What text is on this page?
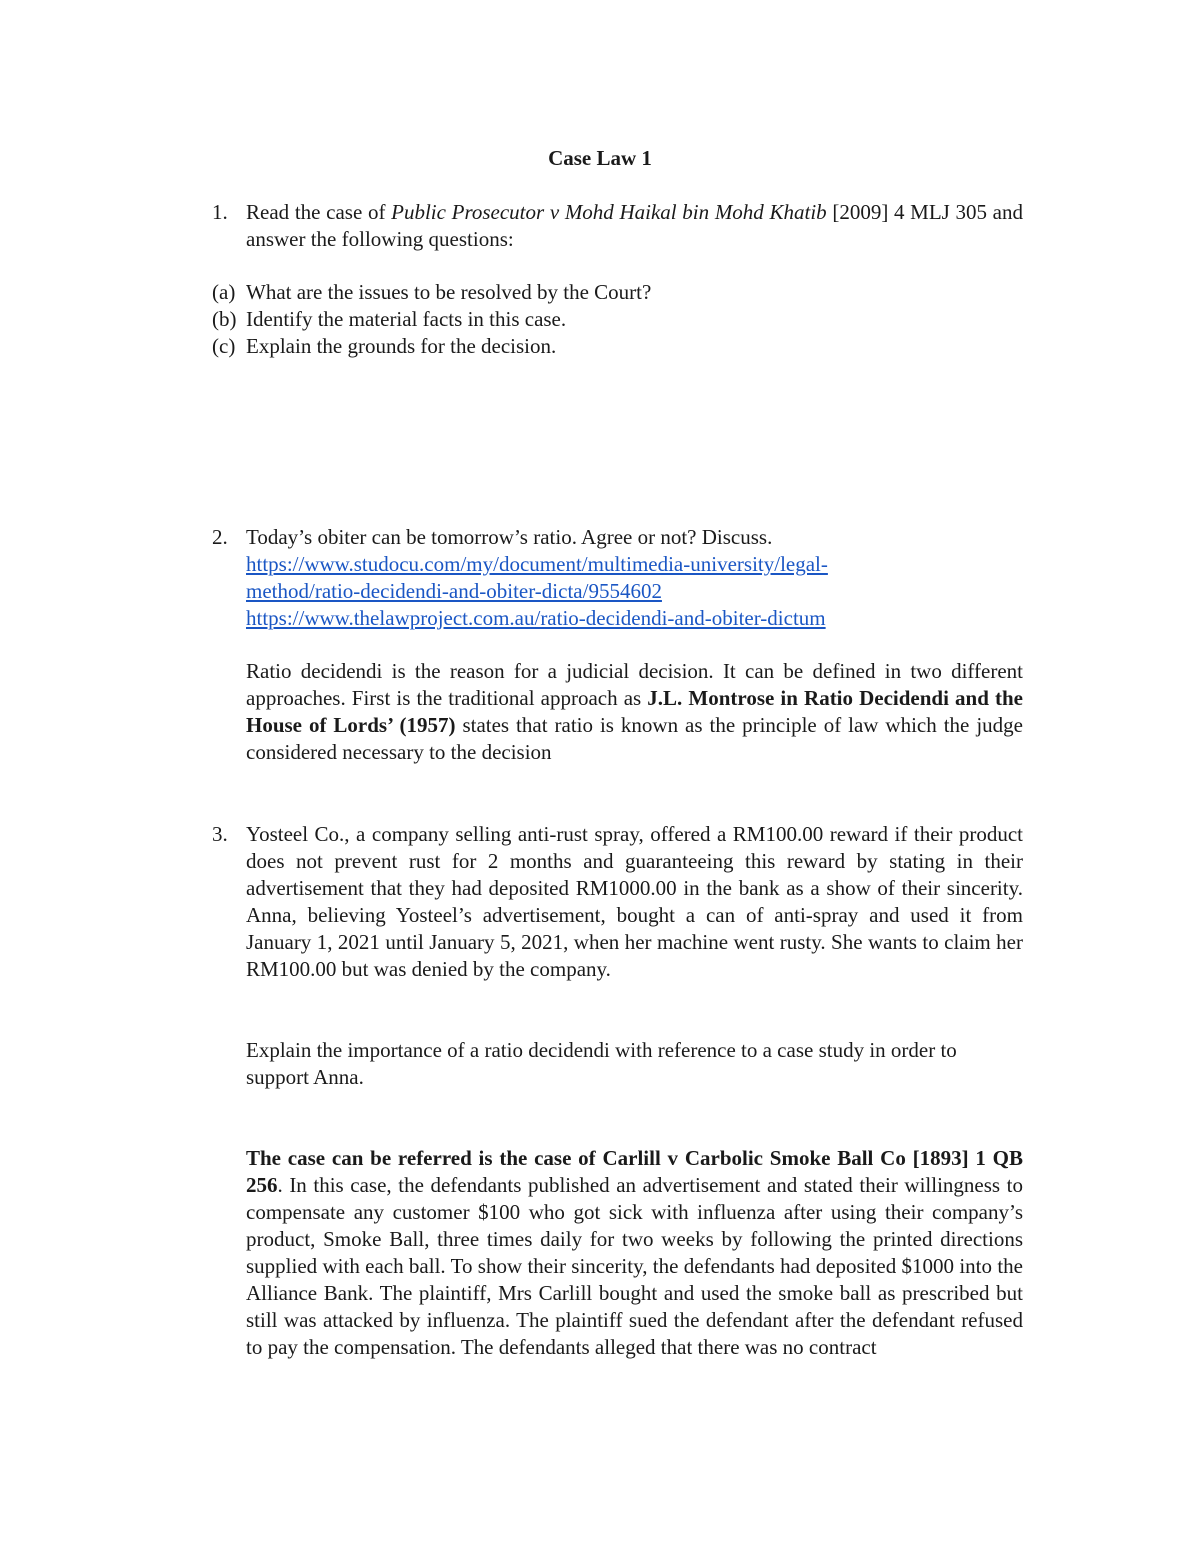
Case Law 1
1. Read the case of Public Prosecutor v Mohd Haikal bin Mohd Khatib [2009] 4 MLJ 305 and answer the following questions:
(a) What are the issues to be resolved by the Court?
(b) Identify the material facts in this case.
(c) Explain the grounds for the decision.
2. Today’s obiter can be tomorrow’s ratio. Agree or not? Discuss.
https://www.studocu.com/my/document/multimedia-university/legal-method/ratio-decidendi-and-obiter-dicta/9554602
https://www.thelawproject.com.au/ratio-decidendi-and-obiter-dictum
Ratio decidendi is the reason for a judicial decision. It can be defined in two different approaches. First is the traditional approach as J.L. Montrose in Ratio Decidendi and the House of Lords’ (1957) states that ratio is known as the principle of law which the judge considered necessary to the decision
3. Yosteel Co., a company selling anti-rust spray, offered a RM100.00 reward if their product does not prevent rust for 2 months and guaranteeing this reward by stating in their advertisement that they had deposited RM1000.00 in the bank as a show of their sincerity. Anna, believing Yosteel’s advertisement, bought a can of anti-spray and used it from January 1, 2021 until January 5, 2021, when her machine went rusty. She wants to claim her RM100.00 but was denied by the company.
Explain the importance of a ratio decidendi with reference to a case study in order to support Anna.
The case can be referred is the case of Carlill v Carbolic Smoke Ball Co [1893] 1 QB 256. In this case, the defendants published an advertisement and stated their willingness to compensate any customer $100 who got sick with influenza after using their company’s product, Smoke Ball, three times daily for two weeks by following the printed directions supplied with each ball. To show their sincerity, the defendants had deposited $1000 into the Alliance Bank. The plaintiff, Mrs Carlill bought and used the smoke ball as prescribed but still was attacked by influenza. The plaintiff sued the defendant after the defendant refused to pay the compensation. The defendants alleged that there was no contract
